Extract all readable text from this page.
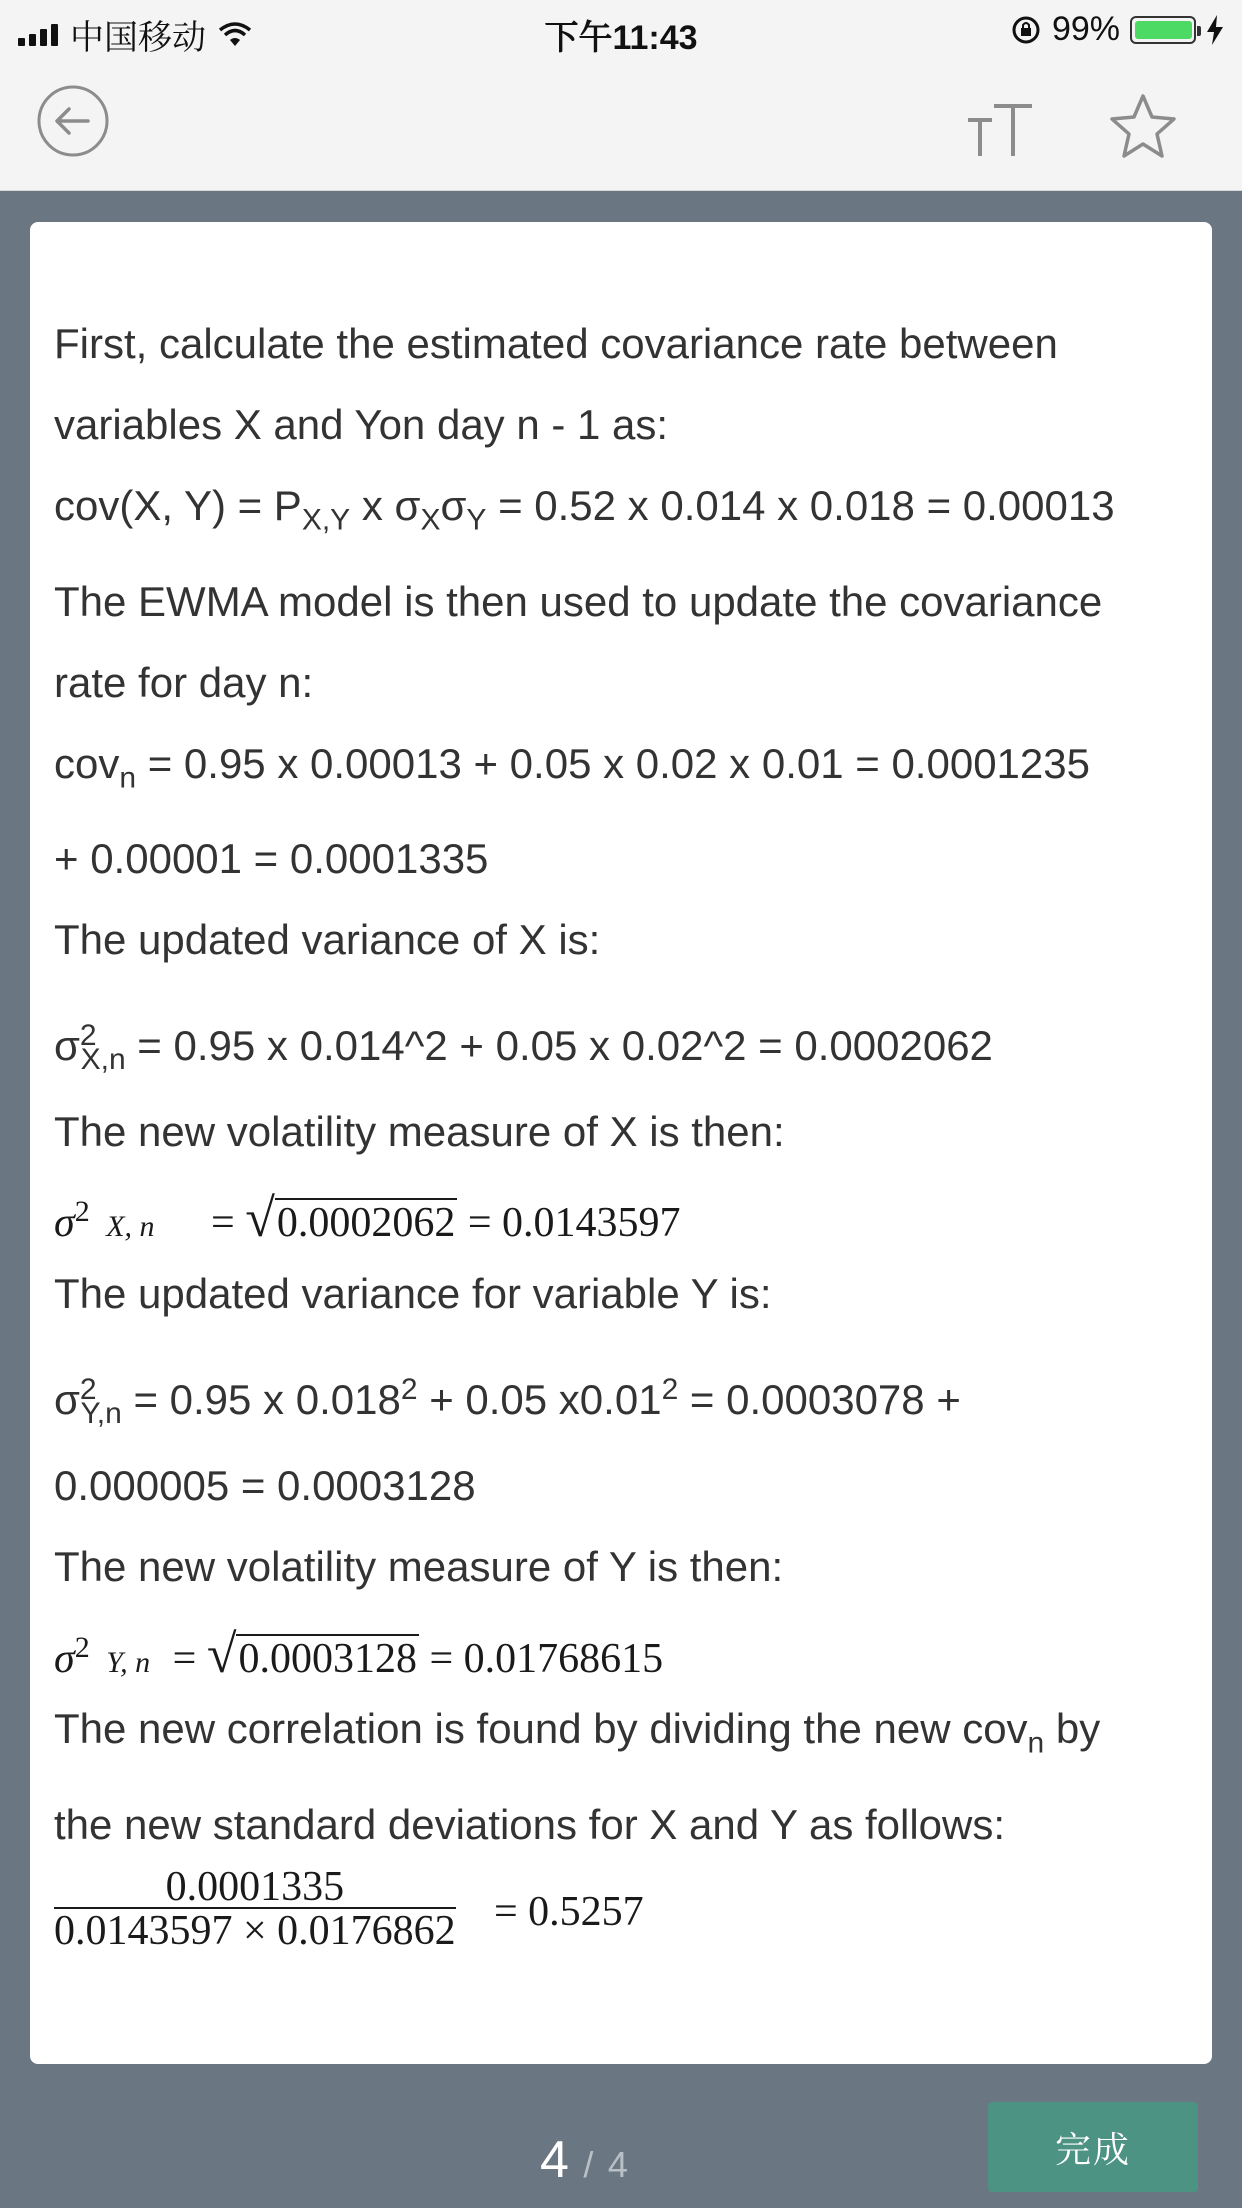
中国移动	下午11:43	99%
First, calculate the estimated covariance rate between
variables X and Yon day n - 1 as:
cov(X, $Y) = P_{X,Y}$ x $\sigma_X\sigma_Y = 0.52$ x 0.014 x 0.018 = 0.00013
The EWMA model is then used to update the covariance
rate for day n:
cov$_n$ = 0.95 x 0.00013 + 0.05 x 0.02 x 0.01 = 0.0001235
+ 0.00001 = 0.0001335
The updated variance of X is:
$\sigma^2_{X,n} = 0.95$ x 0.014^2 + 0.05 x 0.02^2 = 0.0002062
The new volatility measure of X is then:
$\sigma^2$ X, n = √0.0002062 = 0.0143597
The updated variance for variable Y is:
$\sigma^2_{Y,n} = 0.95$ x $0.018^2 + 0.05$ $x0.01^2 = 0.0003078$ +
0.000005 = 0.0003128
The new volatility measure of Y is then:
$\sigma^2$ Y, n = √0.0003128 = 0.01768615
The new correlation is found by dividing the new cov$_n$ by
the new standard deviations for X and Y as follows:
$\frac{0.0001335}{0.0143597 \times 0.0176862} = 0.5257$
4 / 4	完成
